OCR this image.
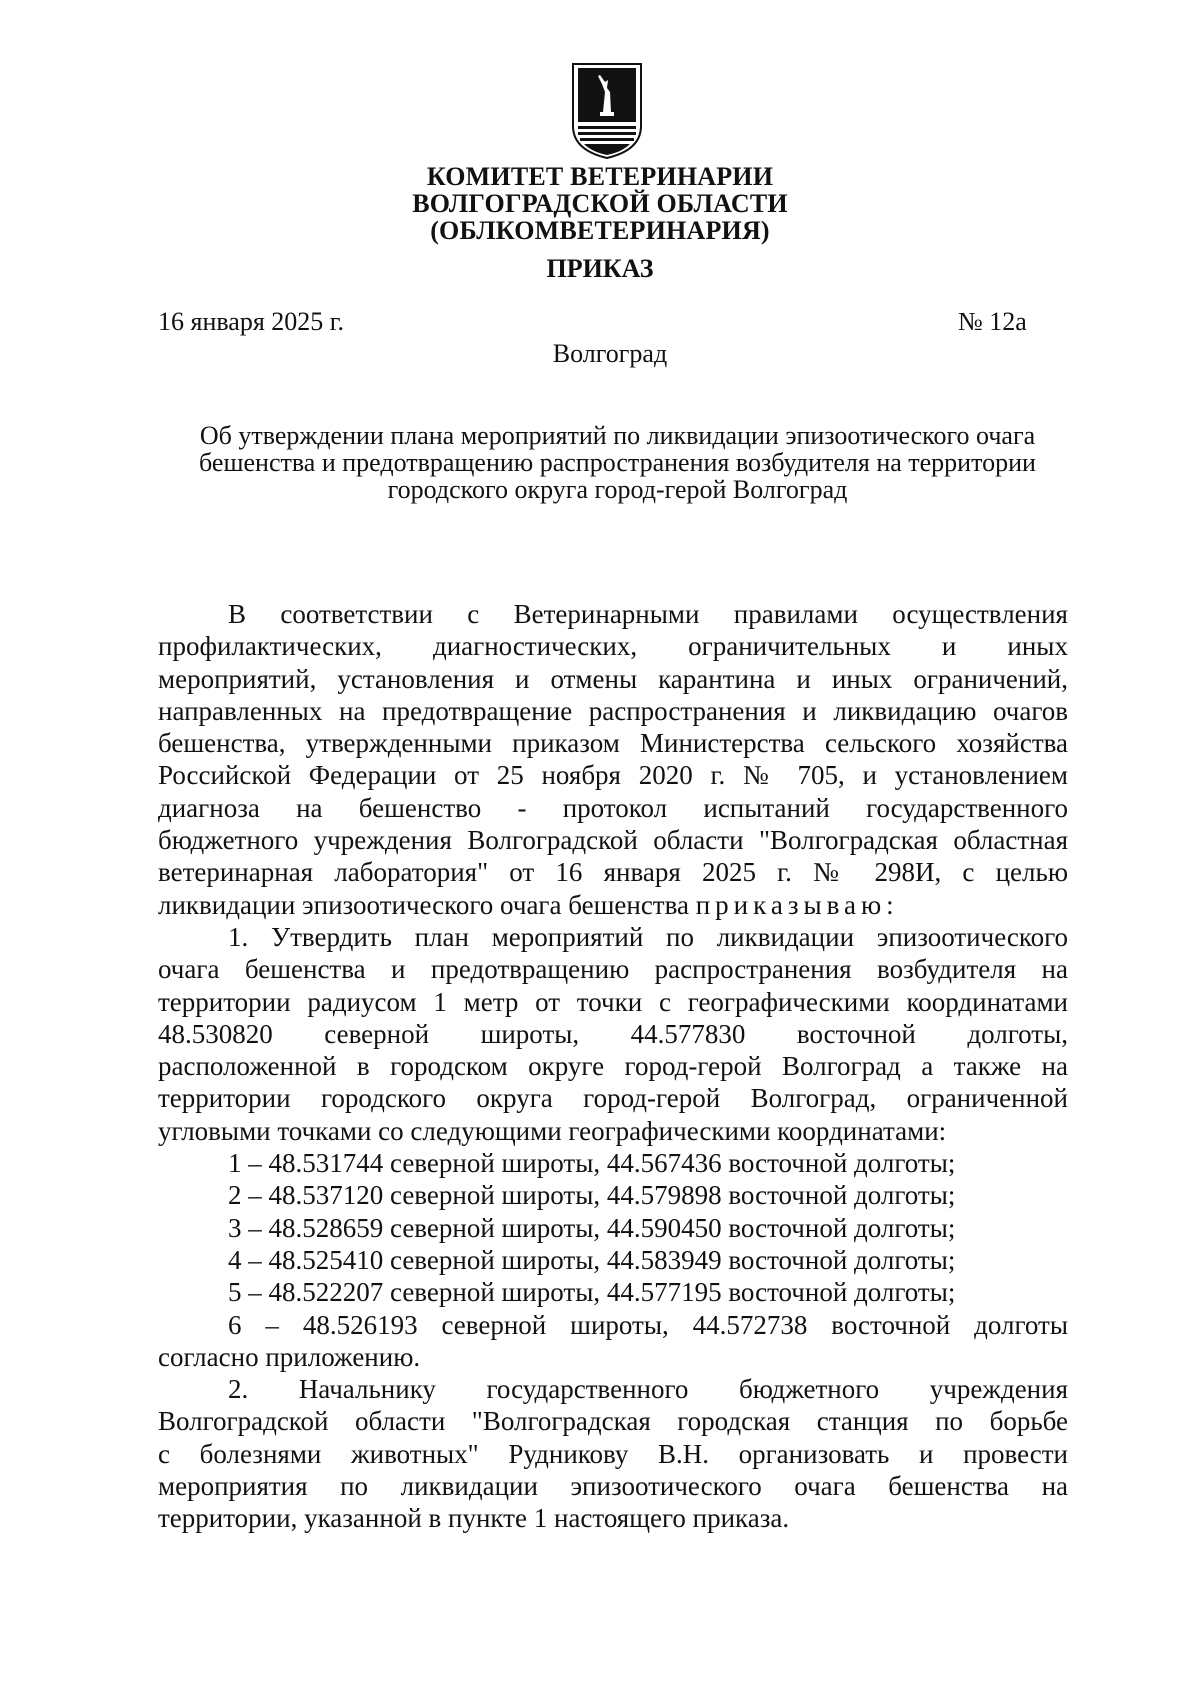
КОМИТЕТ ВЕТЕРИНАРИИ
ВОЛГОГРАДСКОЙ ОБЛАСТИ
(ОБЛКОМВЕТЕРИНАРИЯ)
ПРИКАЗ
16 января 2025 г.	№ 12а
Волгоград
Об утверждении плана мероприятий по ликвидации эпизоотического очага
бешенства и предотвращению распространения возбудителя на территории
городского округа город-герой Волгоград
В соответствии с Ветеринарными правилами осуществления
профилактических, диагностических, ограничительных и иных
мероприятий, установления и отмены карантина и иных ограничений,
направленных на предотвращение распространения и ликвидацию очагов
бешенства, утвержденными приказом Министерства сельского хозяйства
Российской Федерации от 25 ноября 2020 г. № 705, и установлением
диагноза на бешенство - протокол испытаний государственного
бюджетного учреждения Волгоградской области "Волгоградская областная
ветеринарная лаборатория" от 16 января 2025 г. № 298И, с целью
ликвидации эпизоотического очага бешенства приказываю:
1. Утвердить план мероприятий по ликвидации эпизоотического
очага бешенства и предотвращению распространения возбудителя на
территории радиусом 1 метр от точки с географическими координатами
48.530820 северной широты, 44.577830 восточной долготы,
расположенной в городском округе город-герой Волгоград а также на
территории городского округа город-герой Волгоград, ограниченной
угловыми точками со следующими географическими координатами:
1 – 48.531744 северной широты, 44.567436 восточной долготы;
2 – 48.537120 северной широты, 44.579898 восточной долготы;
3 – 48.528659 северной широты, 44.590450 восточной долготы;
4 – 48.525410 северной широты, 44.583949 восточной долготы;
5 – 48.522207 северной широты, 44.577195 восточной долготы;
6 – 48.526193 северной широты, 44.572738 восточной долготы
согласно приложению.
2. Начальнику государственного бюджетного учреждения
Волгоградской области "Волгоградская городская станция по борьбе
с болезнями животных" Рудникову В.Н. организовать и провести
мероприятия по ликвидации эпизоотического очага бешенства на
территории, указанной в пункте 1 настоящего приказа.
